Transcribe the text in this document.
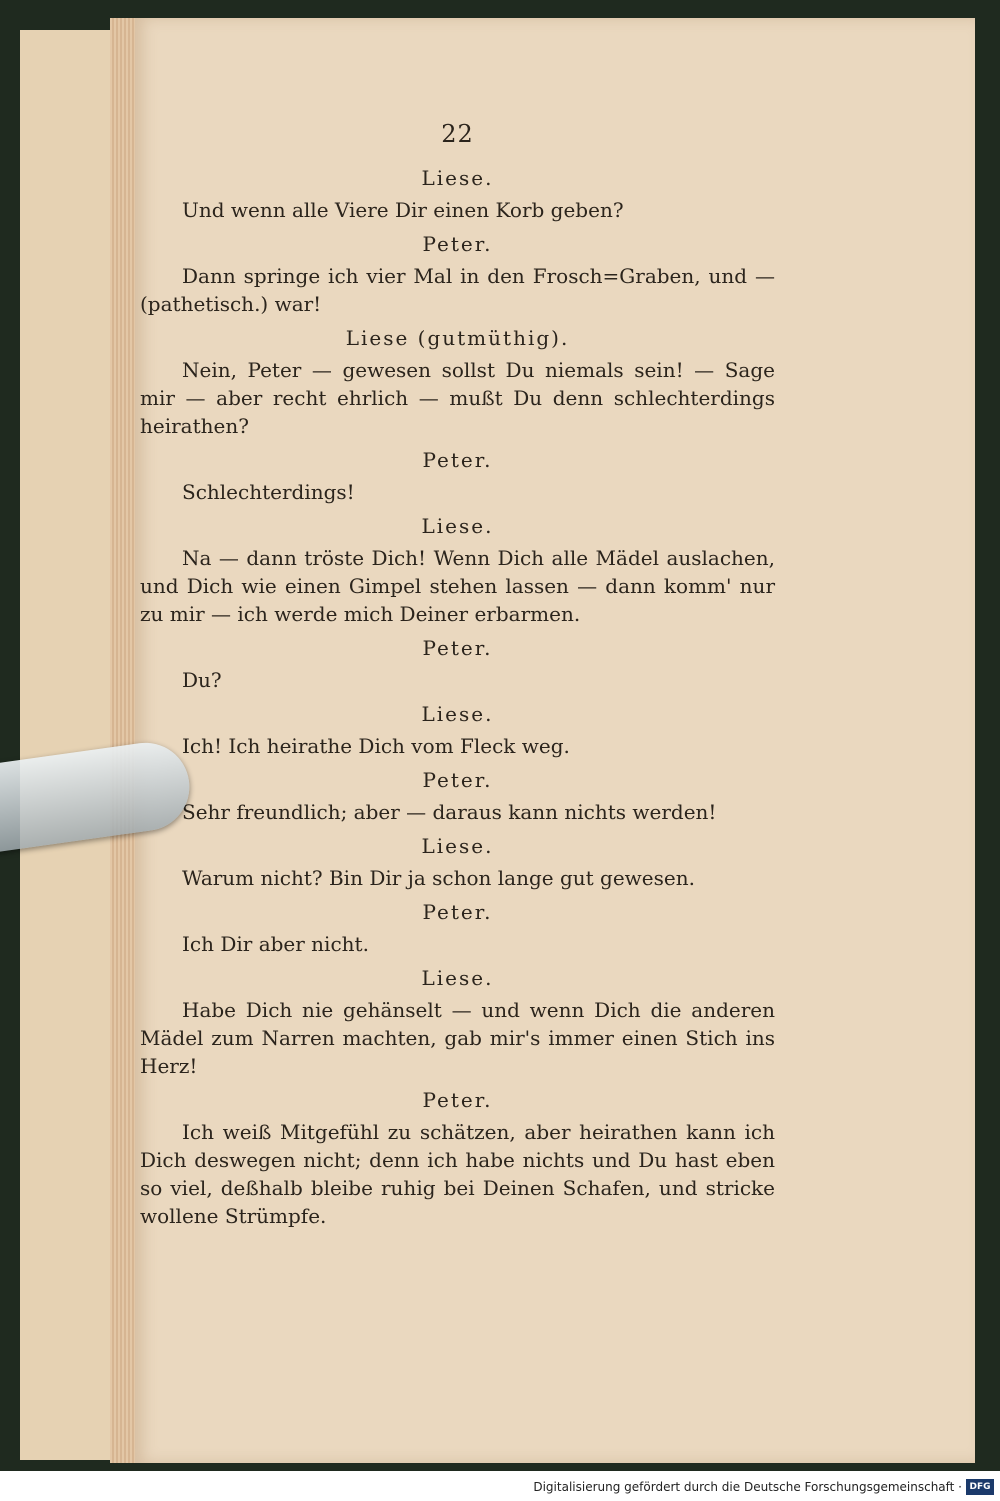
22
Liese.

Und wenn alle Viere Dir einen Korb geben?

Peter.

Dann springe ich vier Mal in den Frosch=Graben, und — (pathetisch.) war!

Liese (gutmüthig).

Nein, Peter — gewesen sollst Du niemals sein! — Sage mir — aber recht ehrlich — mußt Du denn schlechterdings heirathen?

Peter.

Schlechterdings!

Liese.

Na — dann tröste Dich! Wenn Dich alle Mädel auslachen, und Dich wie einen Gimpel stehen lassen — dann komm' nur zu mir — ich werde mich Deiner erbarmen.

Peter.

Du?

Liese.

Ich! Ich heirathe Dich vom Fleck weg.

Peter.

Sehr freundlich; aber — daraus kann nichts werden!

Liese.

Warum nicht? Bin Dir ja schon lange gut gewesen.

Peter.

Ich Dir aber nicht.

Liese.

Habe Dich nie gehänselt — und wenn Dich die anderen Mädel zum Narren machten, gab mir's immer einen Stich ins Herz!

Peter.

Ich weiß Mitgefühl zu schätzen, aber heirathen kann ich Dich deswegen nicht; denn ich habe nichts und Du hast eben so viel, deßhalb bleibe ruhig bei Deinen Schafen, und stricke wollene Strümpfe.

Digitalisierung gefördert durch die Deutsche Forschungsgemeinschaft · DFG
